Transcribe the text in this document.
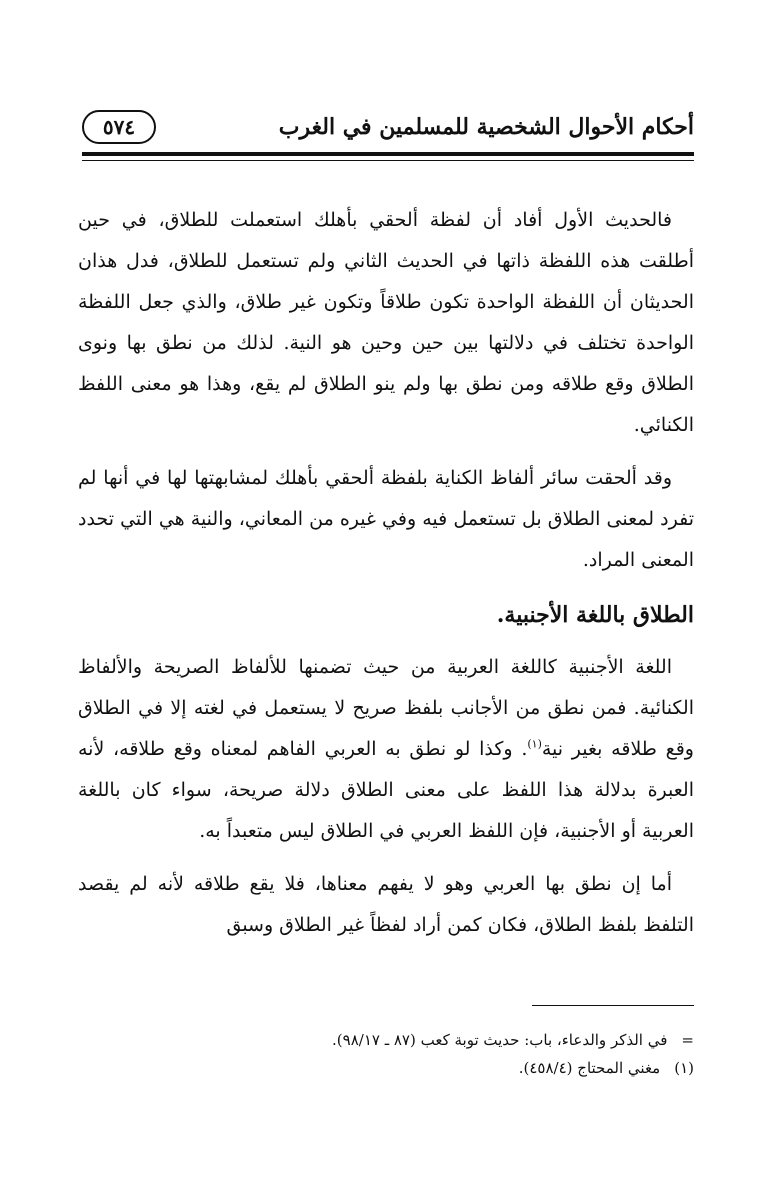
أحكام الأحوال الشخصية للمسلمين في الغرب
٥٧٤

فالحديث الأول أفاد أن لفظة ألحقي بأهلك استعملت للطلاق، في حين أطلقت هذه اللفظة ذاتها في الحديث الثاني ولم تستعمل للطلاق، فدل هذان الحديثان أن اللفظة الواحدة تكون طلاقاً وتكون غير طلاق، والذي جعل اللفظة الواحدة تختلف في دلالتها بين حين وحين هو النية. لذلك من نطق بها ونوى الطلاق وقع طلاقه ومن نطق بها ولم ينو الطلاق لم يقع، وهذا هو معنى اللفظ الكنائي.

وقد ألحقت سائر ألفاظ الكناية بلفظة ألحقي بأهلك لمشابهتها لها في أنها لم تفرد لمعنى الطلاق بل تستعمل فيه وفي غيره من المعاني، والنية هي التي تحدد المعنى المراد.

الطلاق باللغة الأجنبية.

اللغة الأجنبية كاللغة العربية من حيث تضمنها للألفاظ الصريحة والألفاظ الكنائية. فمن نطق من الأجانب بلفظ صريح لا يستعمل في لغته إلا في الطلاق وقع طلاقه بغير نية$^{(١)}$. وكذا لو نطق به العربي الفاهم لمعناه وقع طلاقه، لأنه العبرة بدلالة هذا اللفظ على معنى الطلاق دلالة صريحة، سواء كان باللغة العربية أو الأجنبية، فإن اللفظ العربي في الطلاق ليس متعبداً به.

أما إن نطق بها العربي وهو لا يفهم معناها، فلا يقع طلاقه لأنه لم يقصد التلفظ بلفظ الطلاق، فكان كمن أراد لفظاً غير الطلاق وسبق

=
في الذكر والدعاء، باب: حديث توبة كعب (٨٧ ـ ٩٨/١٧).
(١)
مغني المحتاج (٤٥٨/٤).
